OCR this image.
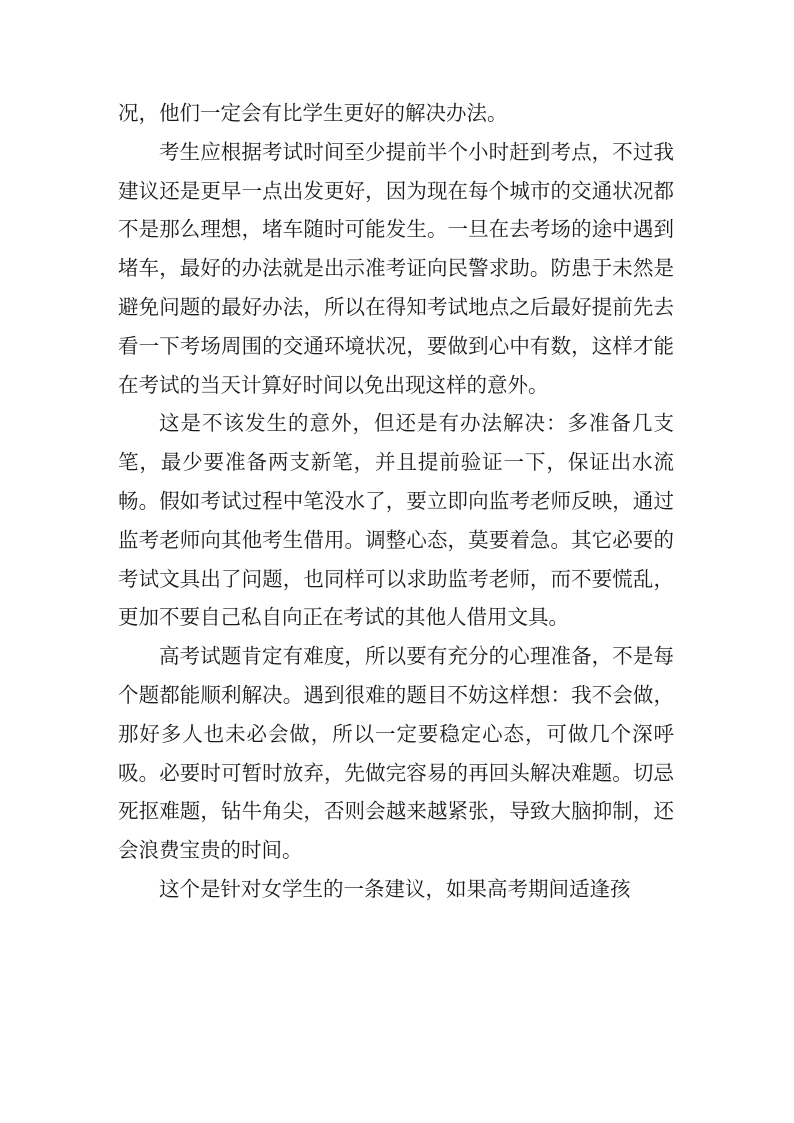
况，他们一定会有比学生更好的解决办法。

考生应根据考试时间至少提前半个小时赶到考点，不过我建议还是更早一点出发更好，因为现在每个城市的交通状况都不是那么理想，堵车随时可能发生。一旦在去考场的途中遇到堵车，最好的办法就是出示准考证向民警求助。防患于未然是避免问题的最好办法，所以在得知考试地点之后最好提前先去看一下考场周围的交通环境状况，要做到心中有数，这样才能在考试的当天计算好时间以免出现这样的意外。

这是不该发生的意外，但还是有办法解决：多准备几支笔，最少要准备两支新笔，并且提前验证一下，保证出水流畅。假如考试过程中笔没水了，要立即向监考老师反映，通过监考老师向其他考生借用。调整心态，莫要着急。其它必要的考试文具出了问题，也同样可以求助监考老师，而不要慌乱，更加不要自己私自向正在考试的其他人借用文具。

高考试题肯定有难度，所以要有充分的心理准备，不是每个题都能顺利解决。遇到很难的题目不妨这样想：我不会做，那好多人也未必会做，所以一定要稳定心态，可做几个深呼吸。必要时可暂时放弃，先做完容易的再回头解决难题。切忌死抠难题，钻牛角尖，否则会越来越紧张，导致大脑抑制，还会浪费宝贵的时间。

这个是针对女学生的一条建议，如果高考期间适逢孩
